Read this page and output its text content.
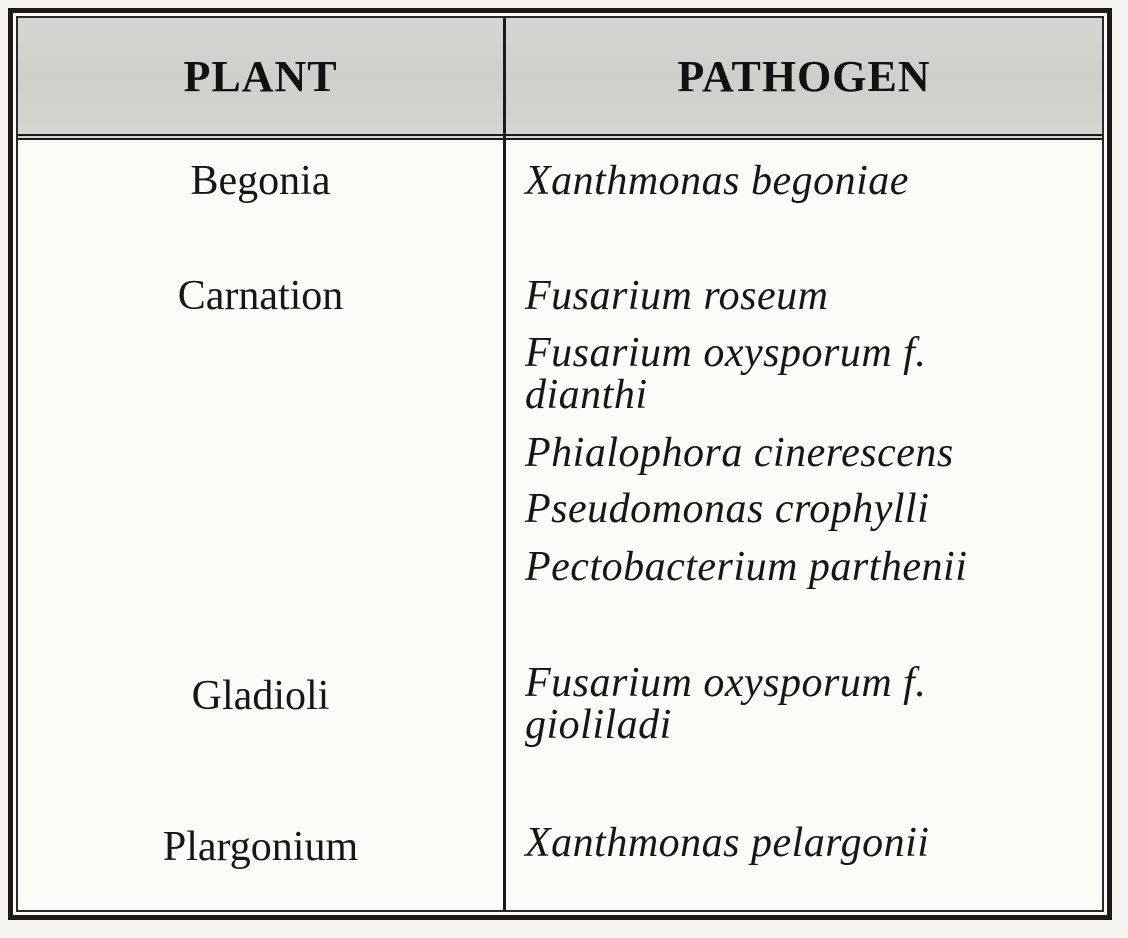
PLANT	PATHOGEN
Begonia	Xanthmonas begoniae
Carnation	Fusarium roseum
Fusarium oxysporum f. dianthi
Phialophora cinerescens
Pseudomonas crophylli
Pectobacterium parthenii
Gladioli	Fusarium oxysporum f. gioliladi
Plargonium	Xanthmonas pelargonii
